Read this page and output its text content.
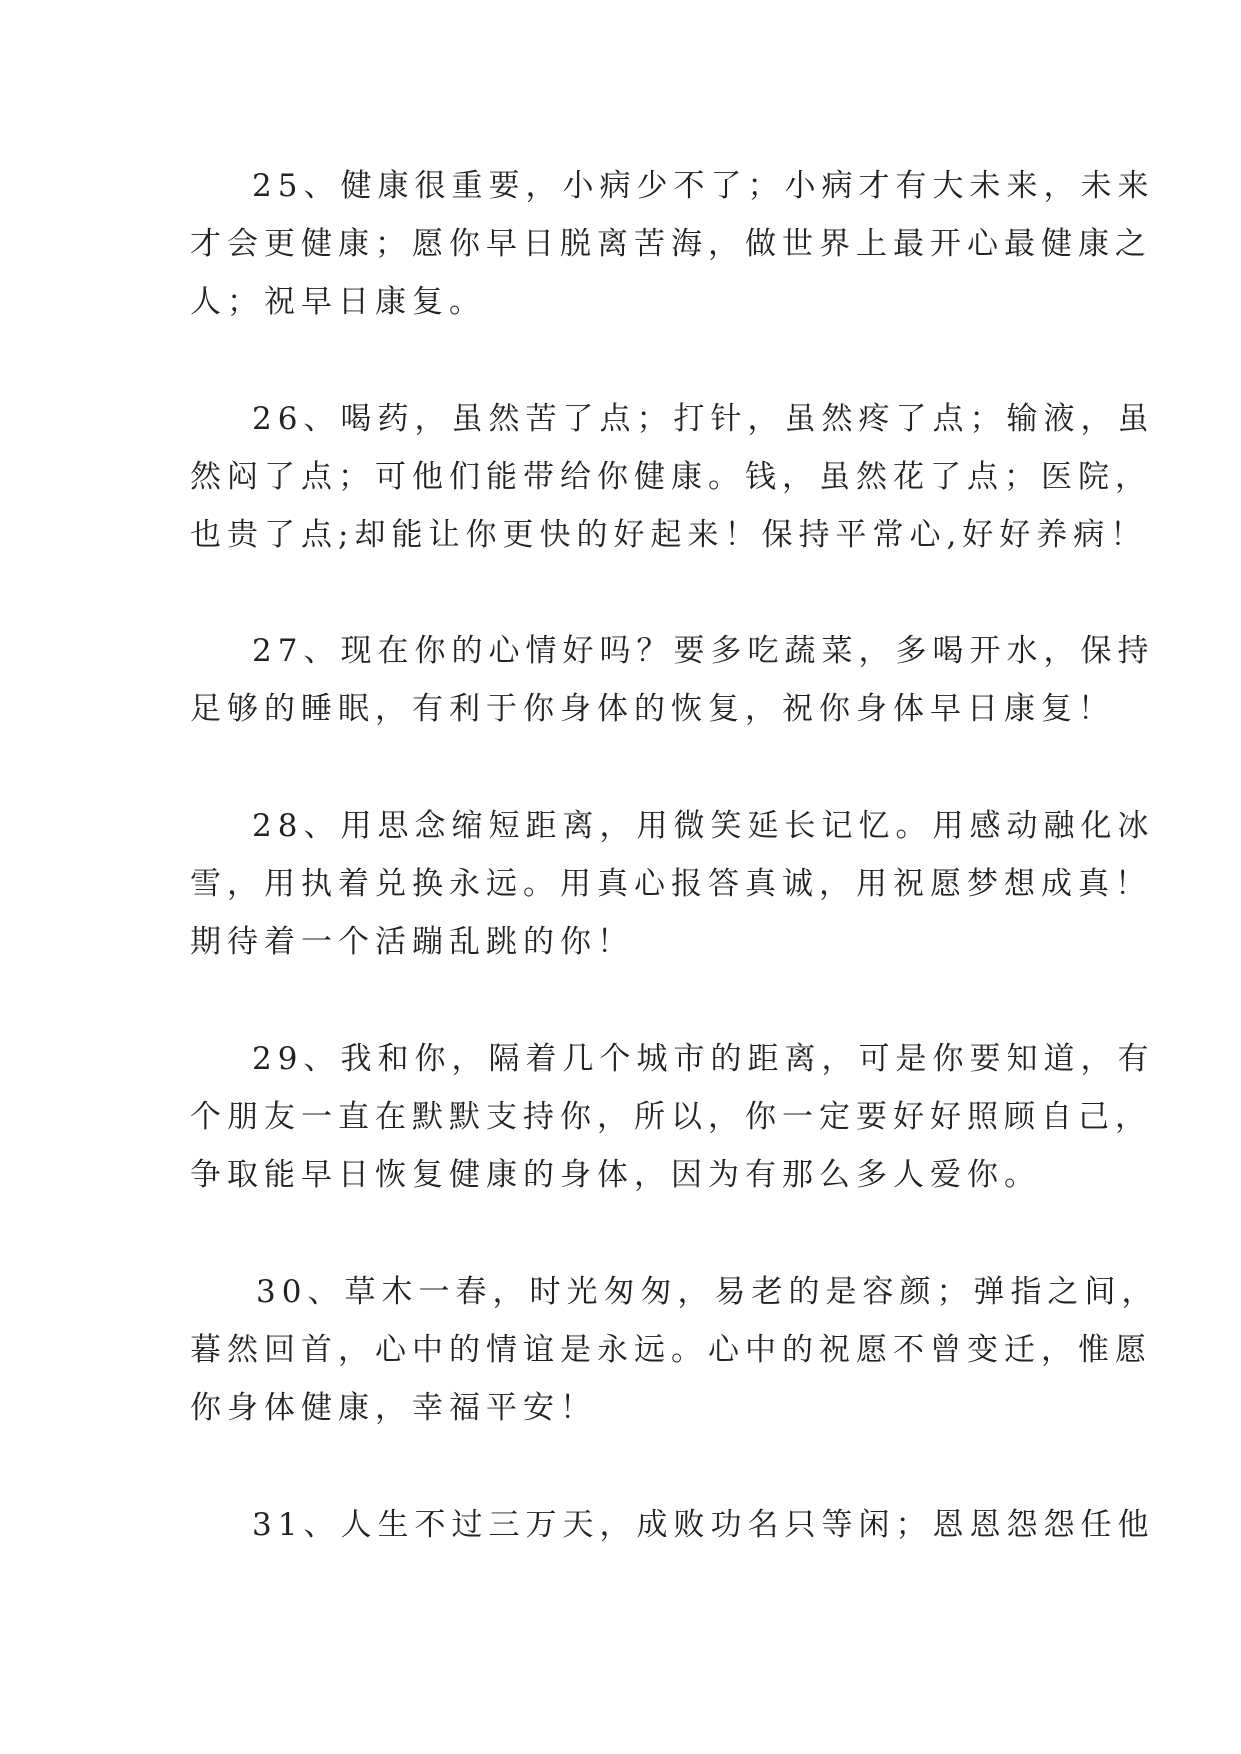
25、健康很重要，小病少不了；小病才有大未来，未来
才会更健康；愿你早日脱离苦海，做世界上最开心最健康之
人；祝早日康复。

26、喝药，虽然苦了点；打针，虽然疼了点；输液，虽
然闷了点；可他们能带给你健康。钱，虽然花了点；医院，
也贵了点;却能让你更快的好起来！保持平常心,好好养病！

27、现在你的心情好吗？要多吃蔬菜，多喝开水，保持
足够的睡眠，有利于你身体的恢复，祝你身体早日康复！

28、用思念缩短距离，用微笑延长记忆。用感动融化冰
雪，用执着兑换永远。用真心报答真诚，用祝愿梦想成真！
期待着一个活蹦乱跳的你！

29、我和你，隔着几个城市的距离，可是你要知道，有
个朋友一直在默默支持你，所以，你一定要好好照顾自己，
争取能早日恢复健康的身体，因为有那么多人爱你。

30、草木一春，时光匆匆，易老的是容颜；弹指之间，
暮然回首，心中的情谊是永远。心中的祝愿不曾变迁，惟愿
你身体健康，幸福平安！

31、人生不过三万天，成败功名只等闲；恩恩怨怨任他
